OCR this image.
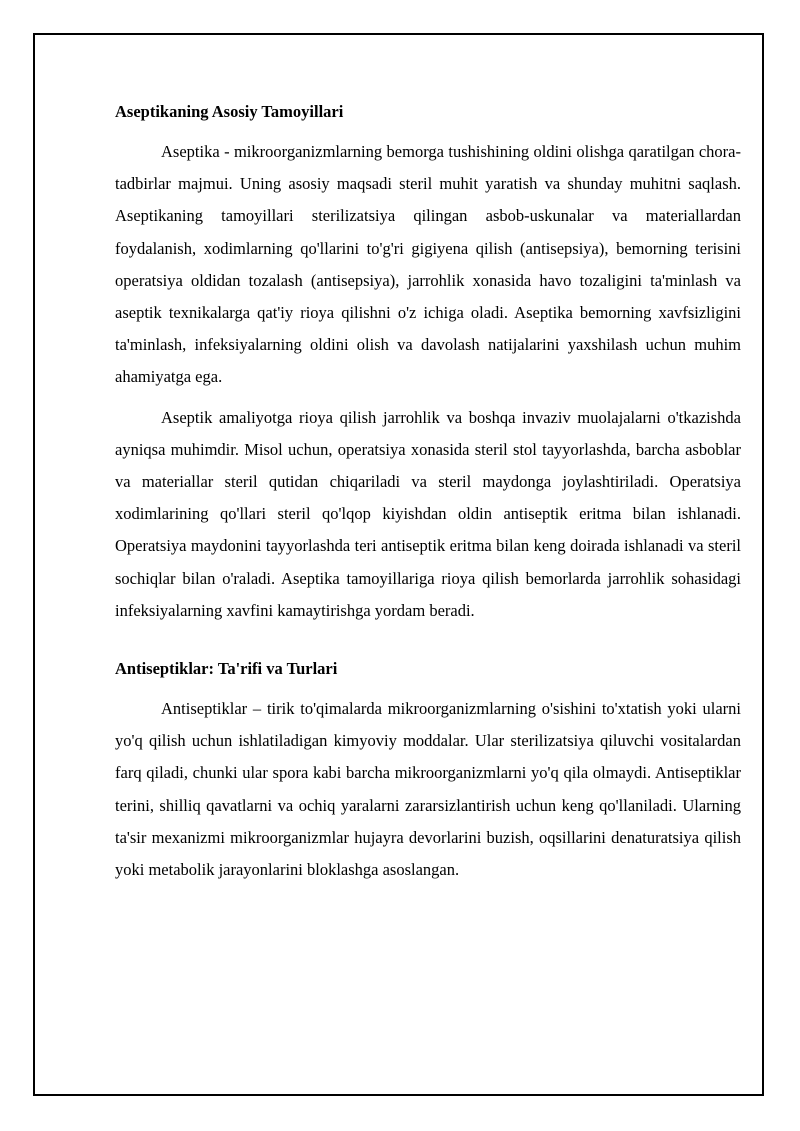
Aseptikaning Asosiy Tamoyillari

Aseptika - mikroorganizmlarning bemorga tushishining oldini olishga qaratilgan chora-tadbirlar majmui. Uning asosiy maqsadi steril muhit yaratish va shunday muhitni saqlash. Aseptikaning tamoyillari sterilizatsiya qilingan asbob-uskunalar va materiallardan foydalanish, xodimlarning qo'llarini to'g'ri gigiyena qilish (antisepsiya), bemorning terisini operatsiya oldidan tozalash (antisepsiya), jarrohlik xonasida havo tozaligini ta'minlash va aseptik texnikalarga qat'iy rioya qilishni o'z ichiga oladi. Aseptika bemorning xavfsizligini ta'minlash, infeksiyalarning oldini olish va davolash natijalarini yaxshilash uchun muhim ahamiyatga ega.

Aseptik amaliyotga rioya qilish jarrohlik va boshqa invaziv muolajalarni o'tkazishda ayniqsa muhimdir. Misol uchun, operatsiya xonasida steril stol tayyorlashda, barcha asboblar va materiallar steril qutidan chiqariladi va steril maydonga joylashtiriladi. Operatsiya xodimlarining qo'llari steril qo'lqop kiyishdan oldin antiseptik eritma bilan ishlanadi. Operatsiya maydonini tayyorlashda teri antiseptik eritma bilan keng doirada ishlanadi va steril sochiqlar bilan o'raladi. Aseptika tamoyillariga rioya qilish bemorlarda jarrohlik sohasidagi infeksiyalarning xavfini kamaytirishga yordam beradi.

Antiseptiklar: Ta'rifi va Turlari

Antiseptiklar – tirik to'qimalarda mikroorganizmlarning o'sishini to'xtatish yoki ularni yo'q qilish uchun ishlatiladigan kimyoviy moddalar. Ular sterilizatsiya qiluvchi vositalardan farq qiladi, chunki ular spora kabi barcha mikroorganizmlarni yo'q qila olmaydi. Antiseptiklar terini, shilliq qavatlarni va ochiq yaralarni zararsizlantirish uchun keng qo'llaniladi. Ularning ta'sir mexanizmi mikroorganizmlar hujayra devorlarini buzish, oqsillarini denaturatsiya qilish yoki metabolik jarayonlarini bloklashga asoslangan.
